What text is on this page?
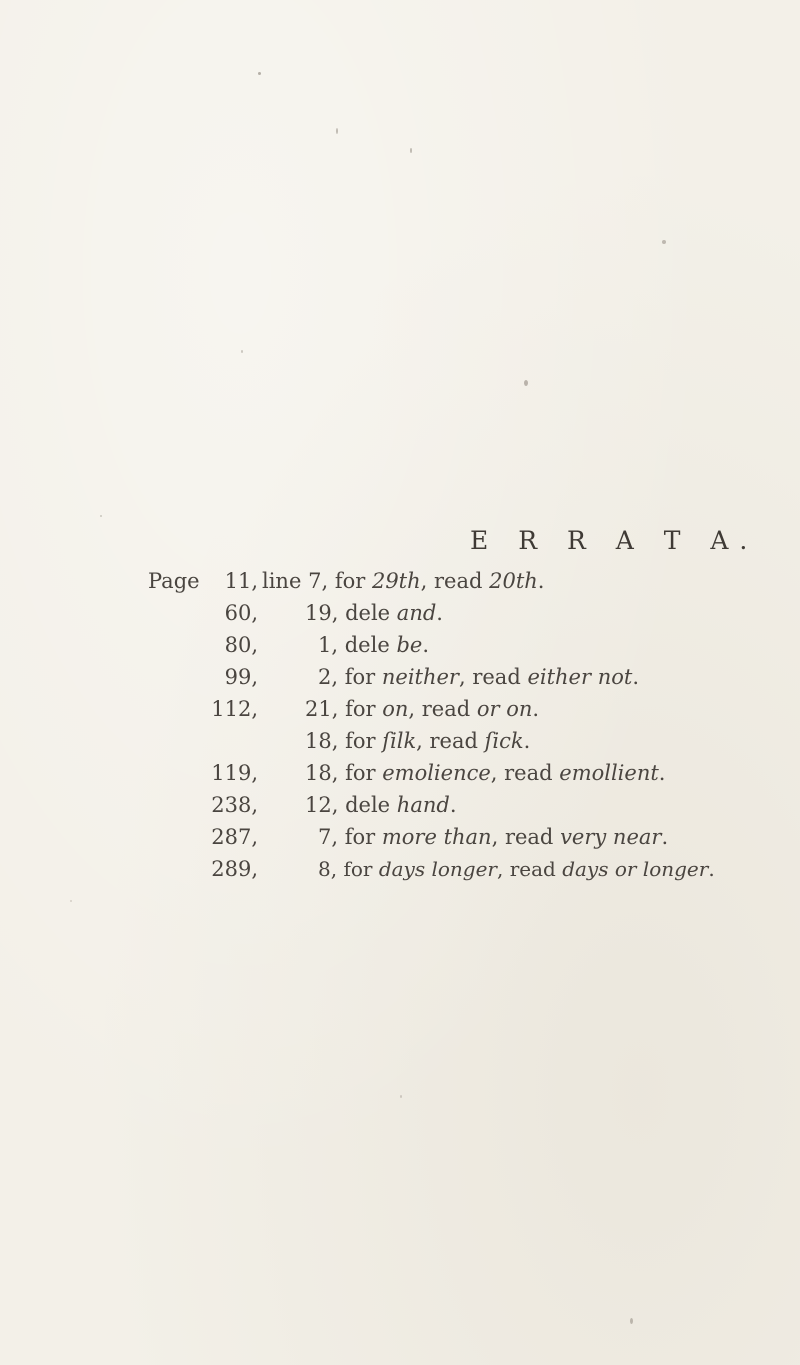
E R R A T A.
Page	11, line 7, for 29th, read 20th.
60, 19, dele and.
80,	1, dele be.
99,	2, for neither, read either not.
112, 21, for on, read or on.
18, for ſilk, read ſick.
119, 18, for emolience, read emollient.
238, 12, dele hand.
287,	7, for more than, read very near.
289,	8, for days longer, read days or longer.
